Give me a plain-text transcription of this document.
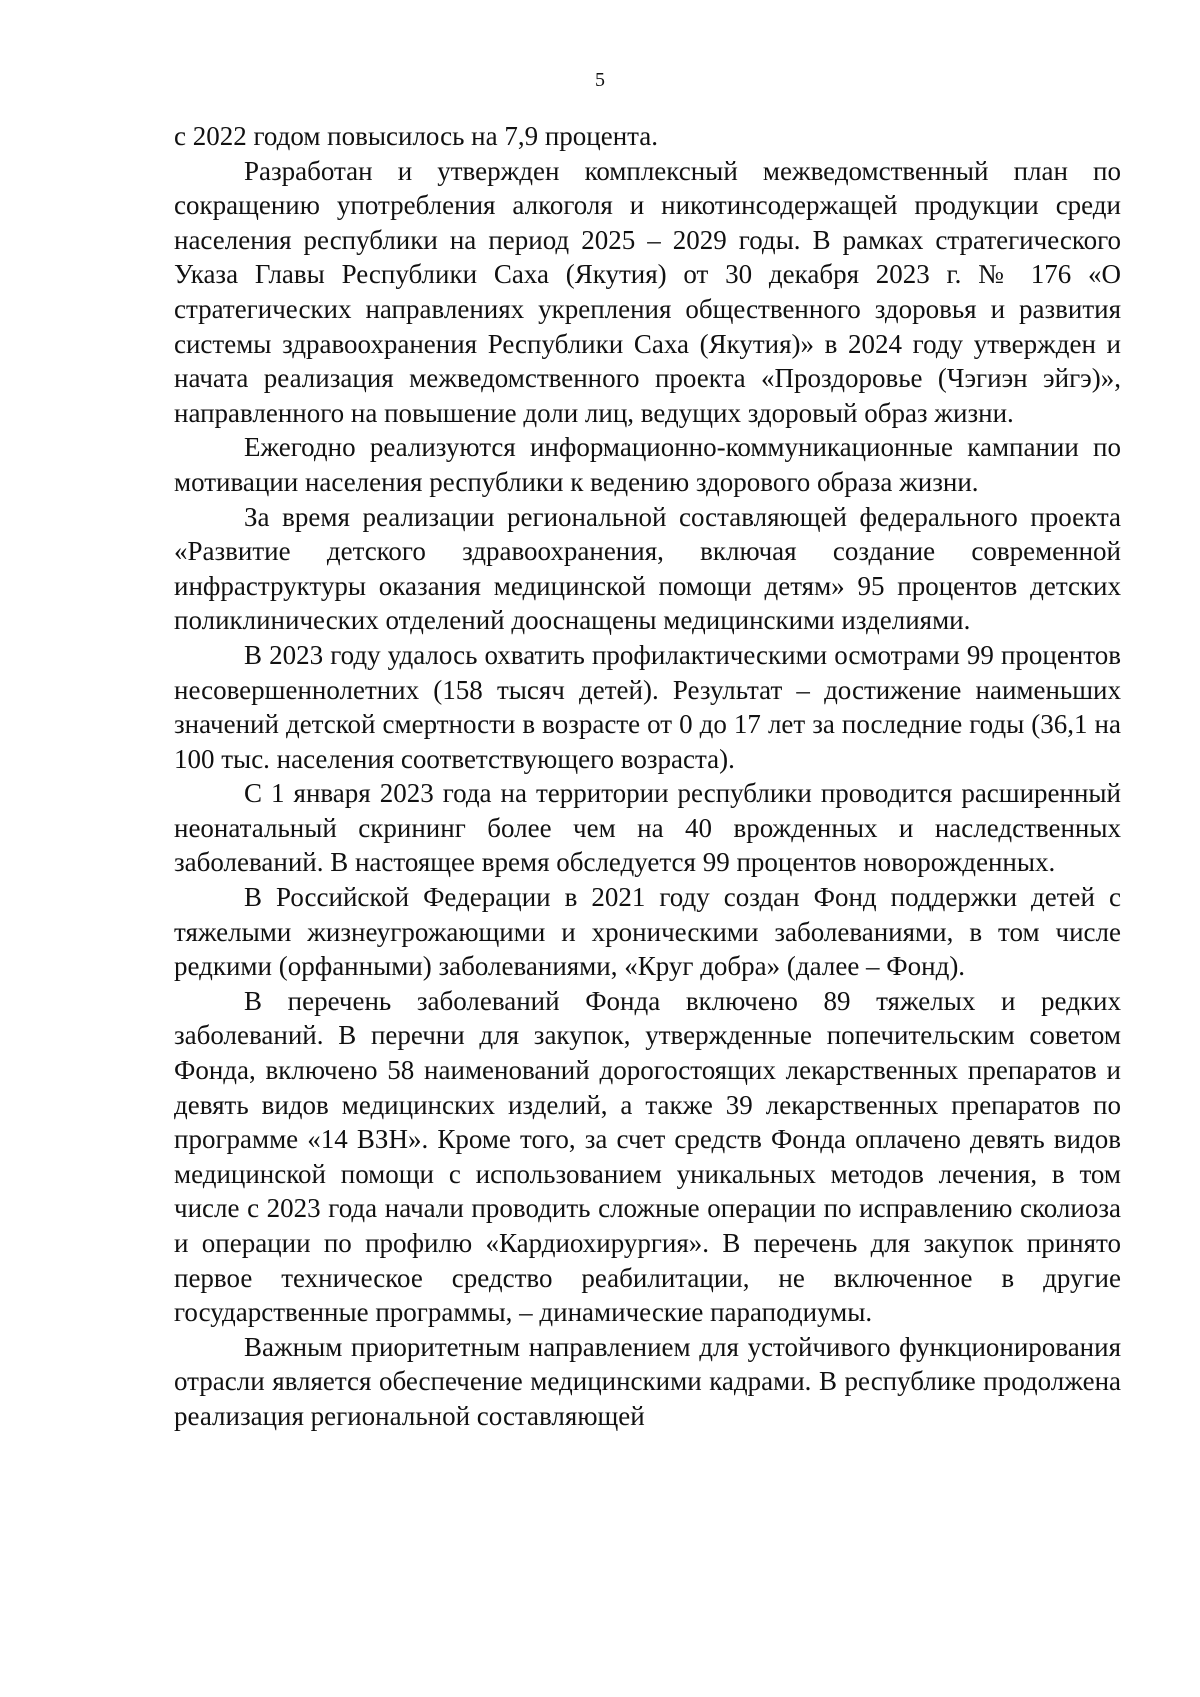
5

с 2022 годом повысилось на 7,9 процента.

Разработан и утвержден комплексный межведомственный план по сокращению употребления алкоголя и никотинсодержащей продукции среди населения республики на период 2025 – 2029 годы. В рамках стратегического Указа Главы Республики Саха (Якутия) от 30 декабря 2023 г. № 176 «О стратегических направлениях укрепления общественного здоровья и развития системы здравоохранения Республики Саха (Якутия)» в 2024 году утвержден и начата реализация межведомственного проекта «Проздоровье (Чэгиэн эйгэ)», направленного на повышение доли лиц, ведущих здоровый образ жизни.

Ежегодно реализуются информационно-коммуникационные кампании по мотивации населения республики к ведению здорового образа жизни.

За время реализации региональной составляющей федерального проекта «Развитие детского здравоохранения, включая создание современной инфраструктуры оказания медицинской помощи детям» 95 процентов детских поликлинических отделений дооснащены медицинскими изделиями.

В 2023 году удалось охватить профилактическими осмотрами 99 процентов несовершеннолетних (158 тысяч детей). Результат – достижение наименьших значений детской смертности в возрасте от 0 до 17 лет за последние годы (36,1 на 100 тыс. населения соответствующего возраста).

С 1 января 2023 года на территории республики проводится расширенный неонатальный скрининг более чем на 40 врожденных и наследственных заболеваний. В настоящее время обследуется 99 процентов новорожденных.

В Российской Федерации в 2021 году создан Фонд поддержки детей с тяжелыми жизнеугрожающими и хроническими заболеваниями, в том числе редкими (орфанными) заболеваниями, «Круг добра» (далее – Фонд).

В перечень заболеваний Фонда включено 89 тяжелых и редких заболеваний. В перечни для закупок, утвержденные попечительским советом Фонда, включено 58 наименований дорогостоящих лекарственных препаратов и девять видов медицинских изделий, а также 39 лекарственных препаратов по программе «14 ВЗН». Кроме того, за счет средств Фонда оплачено девять видов медицинской помощи с использованием уникальных методов лечения, в том числе с 2023 года начали проводить сложные операции по исправлению сколиоза и операции по профилю «Кардиохирургия». В перечень для закупок принято первое техническое средство реабилитации, не включенное в другие государственные программы, – динамические параподиумы.

Важным приоритетным направлением для устойчивого функционирования отрасли является обеспечение медицинскими кадрами. В республике продолжена реализация региональной составляющей
